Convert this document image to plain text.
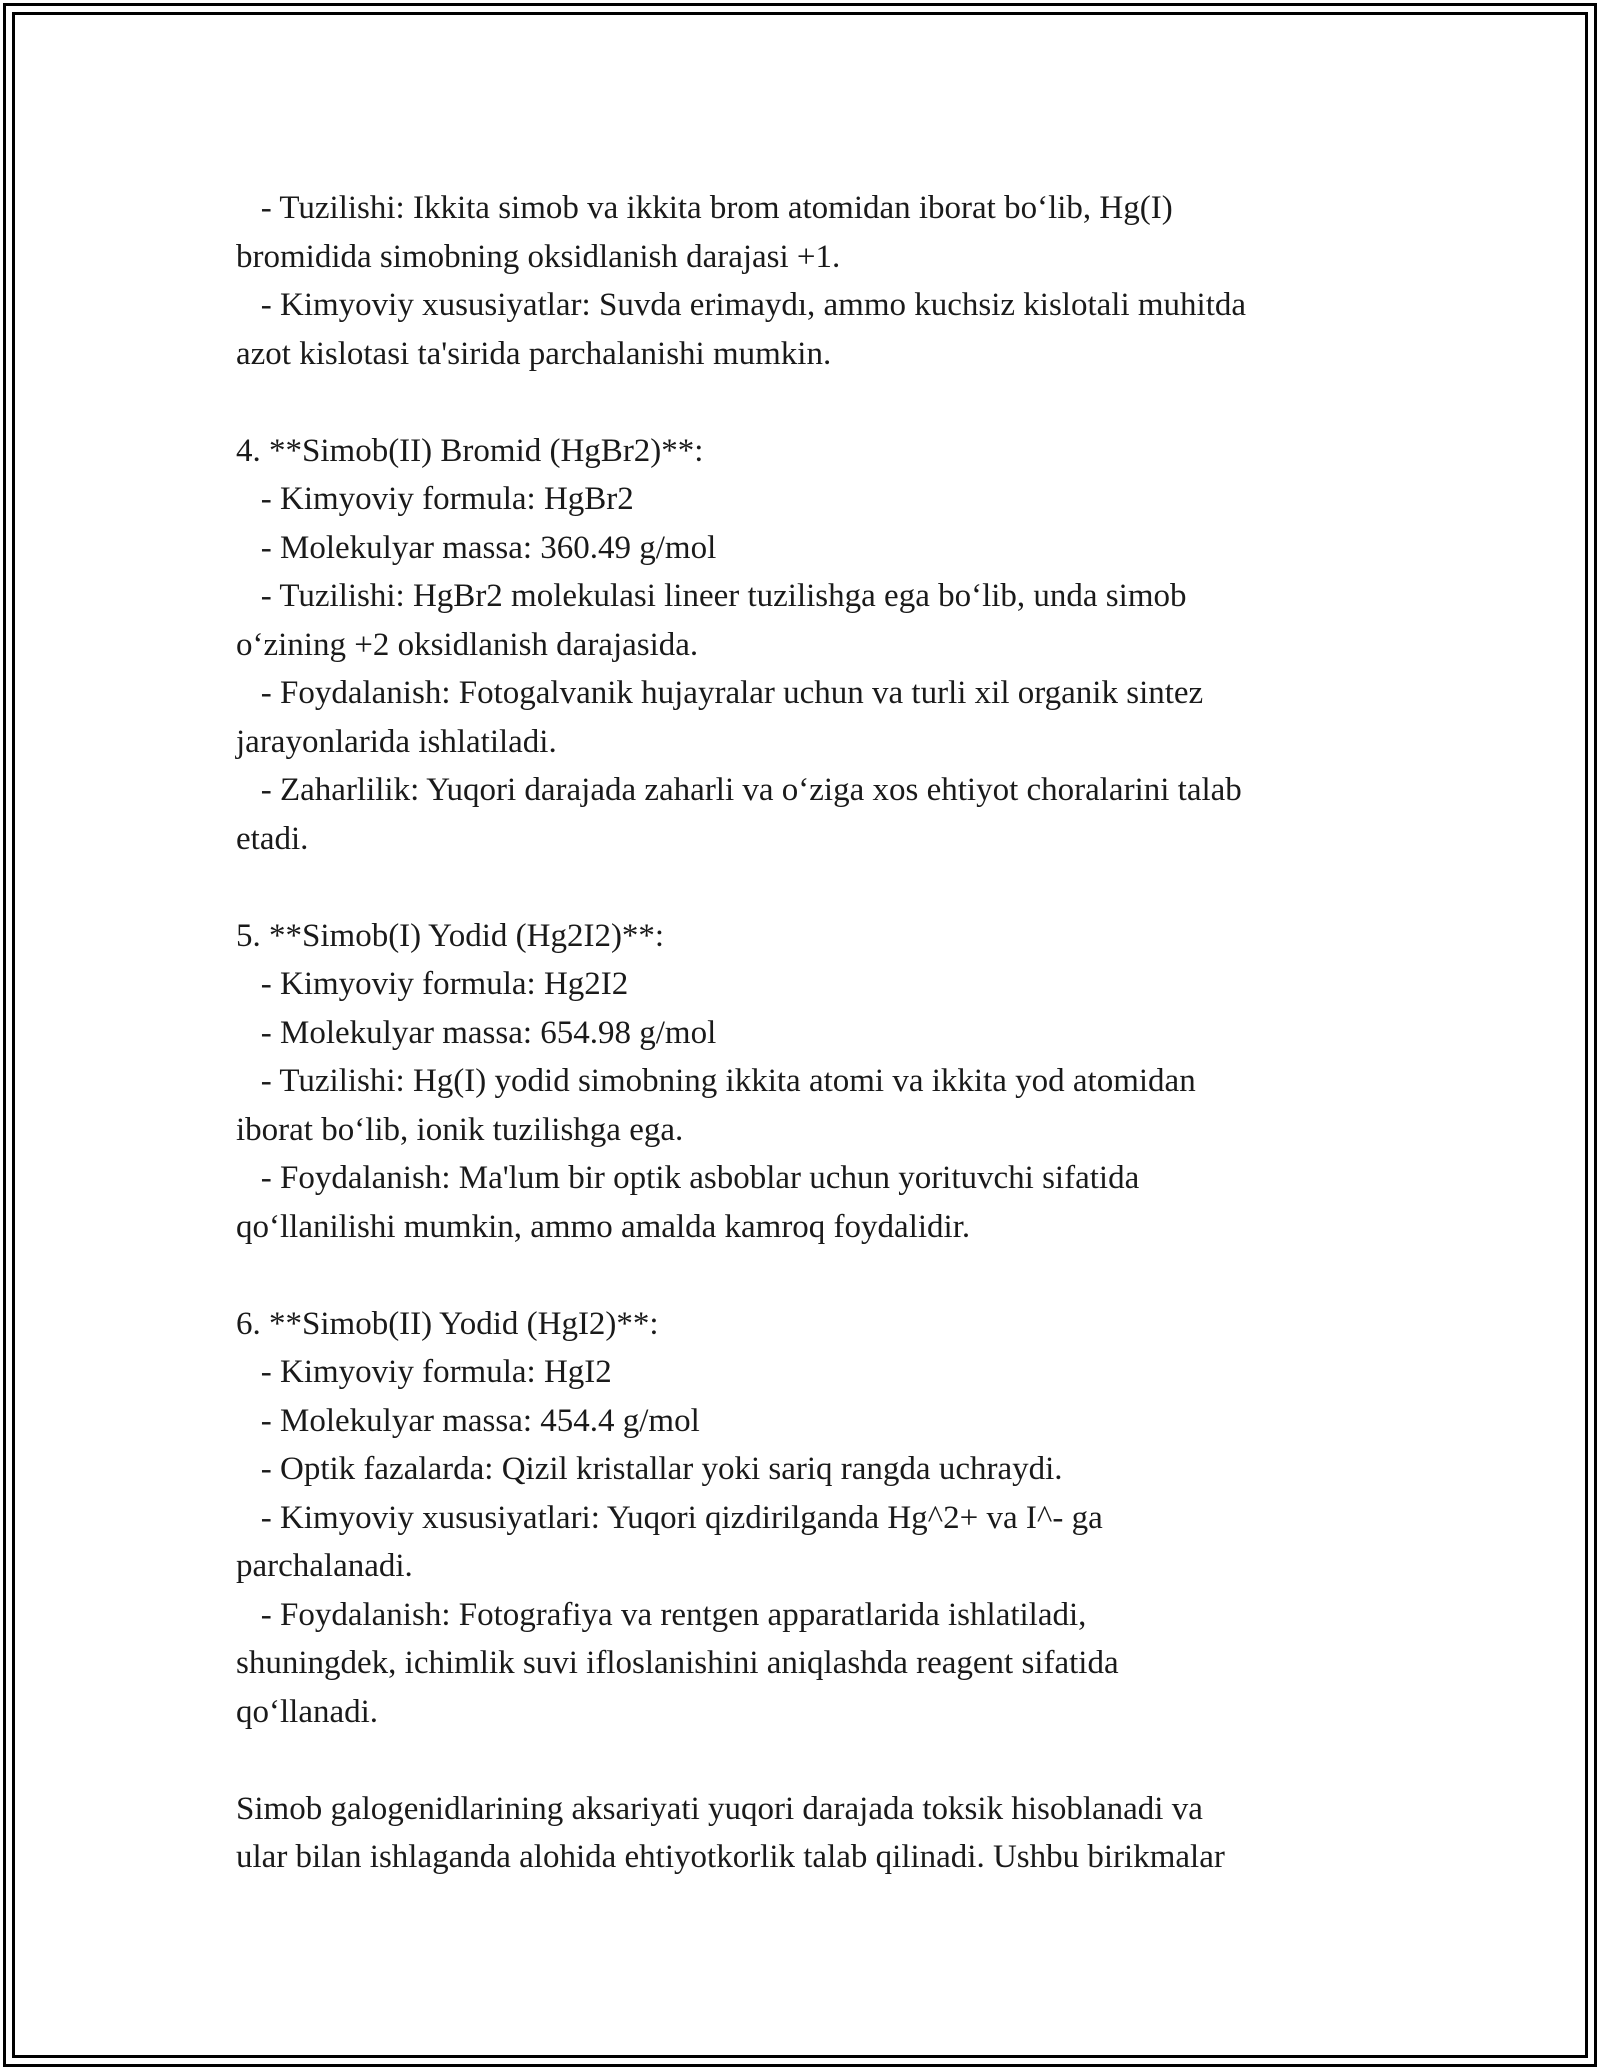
- Tuzilishi: Ikkita simob va ikkita brom atomidan iborat bo‘lib, Hg(I)
bromidida simobning oksidlanish darajasi +1.
- Kimyoviy xususiyatlar: Suvda erimaydı, ammo kuchsiz kislotali muhitda
azot kislotasi ta'sirida parchalanishi mumkin.
4. **Simob(II) Bromid (HgBr2)**:
- Kimyoviy formula: HgBr2
- Molekulyar massa: 360.49 g/mol
- Tuzilishi: HgBr2 molekulasi lineer tuzilishga ega bo‘lib, unda simob
o‘zining +2 oksidlanish darajasida.
- Foydalanish: Fotogalvanik hujayralar uchun va turli xil organik sintez
jarayonlarida ishlatiladi.
- Zaharlilik: Yuqori darajada zaharli va o‘ziga xos ehtiyot choralarini talab
etadi.
5. **Simob(I) Yodid (Hg2I2)**:
- Kimyoviy formula: Hg2I2
- Molekulyar massa: 654.98 g/mol
- Tuzilishi: Hg(I) yodid simobning ikkita atomi va ikkita yod atomidan
iborat bo‘lib, ionik tuzilishga ega.
- Foydalanish: Ma'lum bir optik asboblar uchun yorituvchi sifatida
qo‘llanilishi mumkin, ammo amalda kamroq foydalidir.
6. **Simob(II) Yodid (HgI2)**:
- Kimyoviy formula: HgI2
- Molekulyar massa: 454.4 g/mol
- Optik fazalarda: Qizil kristallar yoki sariq rangda uchraydi.
- Kimyoviy xususiyatlari: Yuqori qizdirilganda Hg^2+ va I^- ga
parchalanadi.
- Foydalanish: Fotografiya va rentgen apparatlarida ishlatiladi,
shuningdek, ichimlik suvi ifloslanishini aniqlashda reagent sifatida
qo‘llanadi.
Simob galogenidlarining aksariyati yuqori darajada toksik hisoblanadi va
ular bilan ishlaganda alohida ehtiyotkorlik talab qilinadi. Ushbu birikmalar
